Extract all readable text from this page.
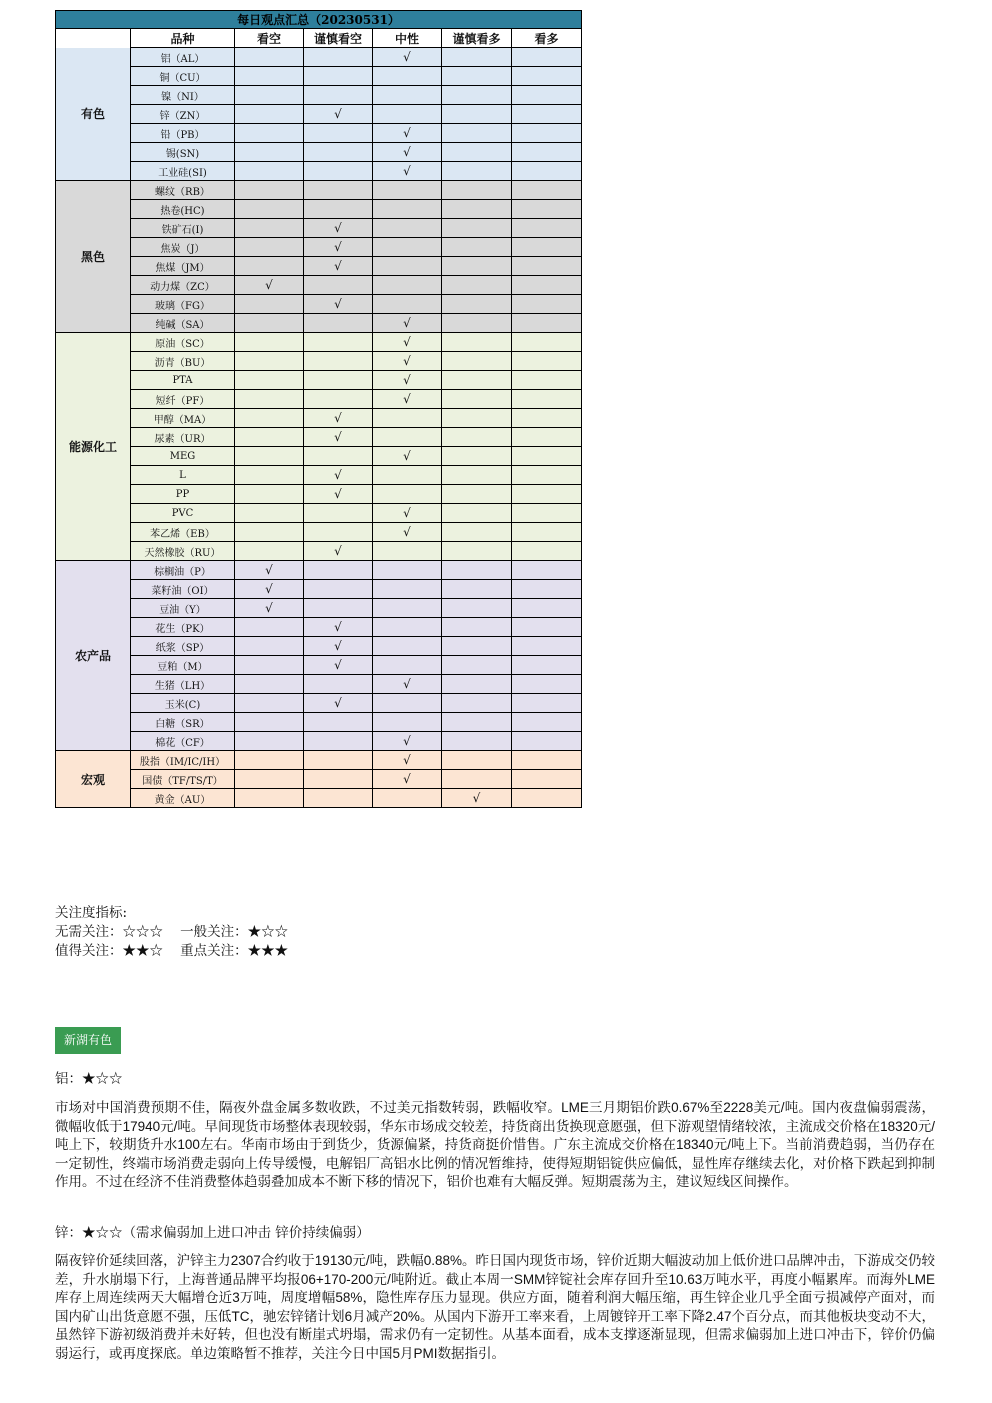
每日观点汇总（20230531）						
	品种	看空	谨慎看空	中性	谨慎看多	看多
有色	铝（AL）			√		
	铜（CU）					
	镍（NI）					
	锌（ZN）		√			
	铅（PB）			√		
	锡(SN)			√		
	工业硅(SI)			√		
黑色	螺纹（RB）					
	热卷(HC)					
	铁矿石(I)		√			
	焦炭（J）		√			
	焦煤（JM）		√			
	动力煤（ZC）	√				
	玻璃（FG）		√			
	纯碱（SA）			√		
能源化工	原油（SC）			√		
	沥青（BU）			√		
	PTA			√		
	短纤（PF）			√		
	甲醇（MA）		√			
	尿素（UR）		√			
	MEG			√		
	L		√			
	PP		√			
	PVC			√		
	苯乙烯（EB）			√		
	天然橡胶（RU）		√			
农产品	棕榈油（P）	√				
	菜籽油（OI）	√				
	豆油（Y）	√				
	花生（PK）		√			
	纸浆（SP）		√			
	豆粕（M）		√			
	生猪（LH）			√		
	玉米(C)		√			
	白糖（SR）					
	棉花（CF）			√		
宏观	股指（IM/IC/IH）			√		
	国债（TF/TS/T）			√		
	黄金（AU）				√	
关注度指标:
无需关注：☆☆☆    一般关注：★☆☆
值得关注：★★☆    重点关注：★★★
新湖有色
铝：★☆☆
市场对中国消费预期不佳，隔夜外盘金属多数收跌，不过美元指数转弱，跌幅收窄。LME三月期铝价跌0.67%至2228美元/吨。国内夜盘偏弱震荡，微幅收低于17940元/吨。早间现货市场整体表现较弱，华东市场成交较差，持货商出货换现意愿强，但下游观望情绪较浓，主流成交价格在18320元/吨上下，较期货升水100左右。华南市场由于到货少，货源偏紧，持货商挺价惜售。广东主流成交价格在18340元/吨上下。当前消费趋弱，当仍存在一定韧性，终端市场消费走弱向上传导缓慢，电解铝厂高铝水比例的情况暂维持，使得短期铝锭供应偏低，显性库存继续去化，对价格下跌起到抑制作用。不过在经济不佳消费整体趋弱叠加成本不断下移的情况下，铝价也难有大幅反弹。短期震荡为主，建议短线区间操作。
锌：★☆☆（需求偏弱加上进口冲击 锌价持续偏弱）
隔夜锌价延续回落，沪锌主力2307合约收于19130元/吨，跌幅0.88%。昨日国内现货市场，锌价近期大幅波动加上低价进口品牌冲击，下游成交仍较差，升水崩塌下行，上海普通品牌平均报06+170-200元/吨附近。截止本周一SMM锌锭社会库存回升至10.63万吨水平，再度小幅累库。而海外LME库存上周连续两天大幅增仓近3万吨，周度增幅58%，隐性库存压力显现。供应方面，随着利润大幅压缩，再生锌企业几乎全面亏损减停产面对，而国内矿山出货意愿不强，压低TC，驰宏锌锗计划6月减产20%。从国内下游开工率来看，上周镀锌开工率下降2.47个百分点，而其他板块变动不大，虽然锌下游初级消费并未好转，但也没有断崖式坍塌，需求仍有一定韧性。从基本面看，成本支撑逐渐显现，但需求偏弱加上进口冲击下，锌价仍偏弱运行，或再度探底。单边策略暂不推荐，关注今日中国5月PMI数据指引。
